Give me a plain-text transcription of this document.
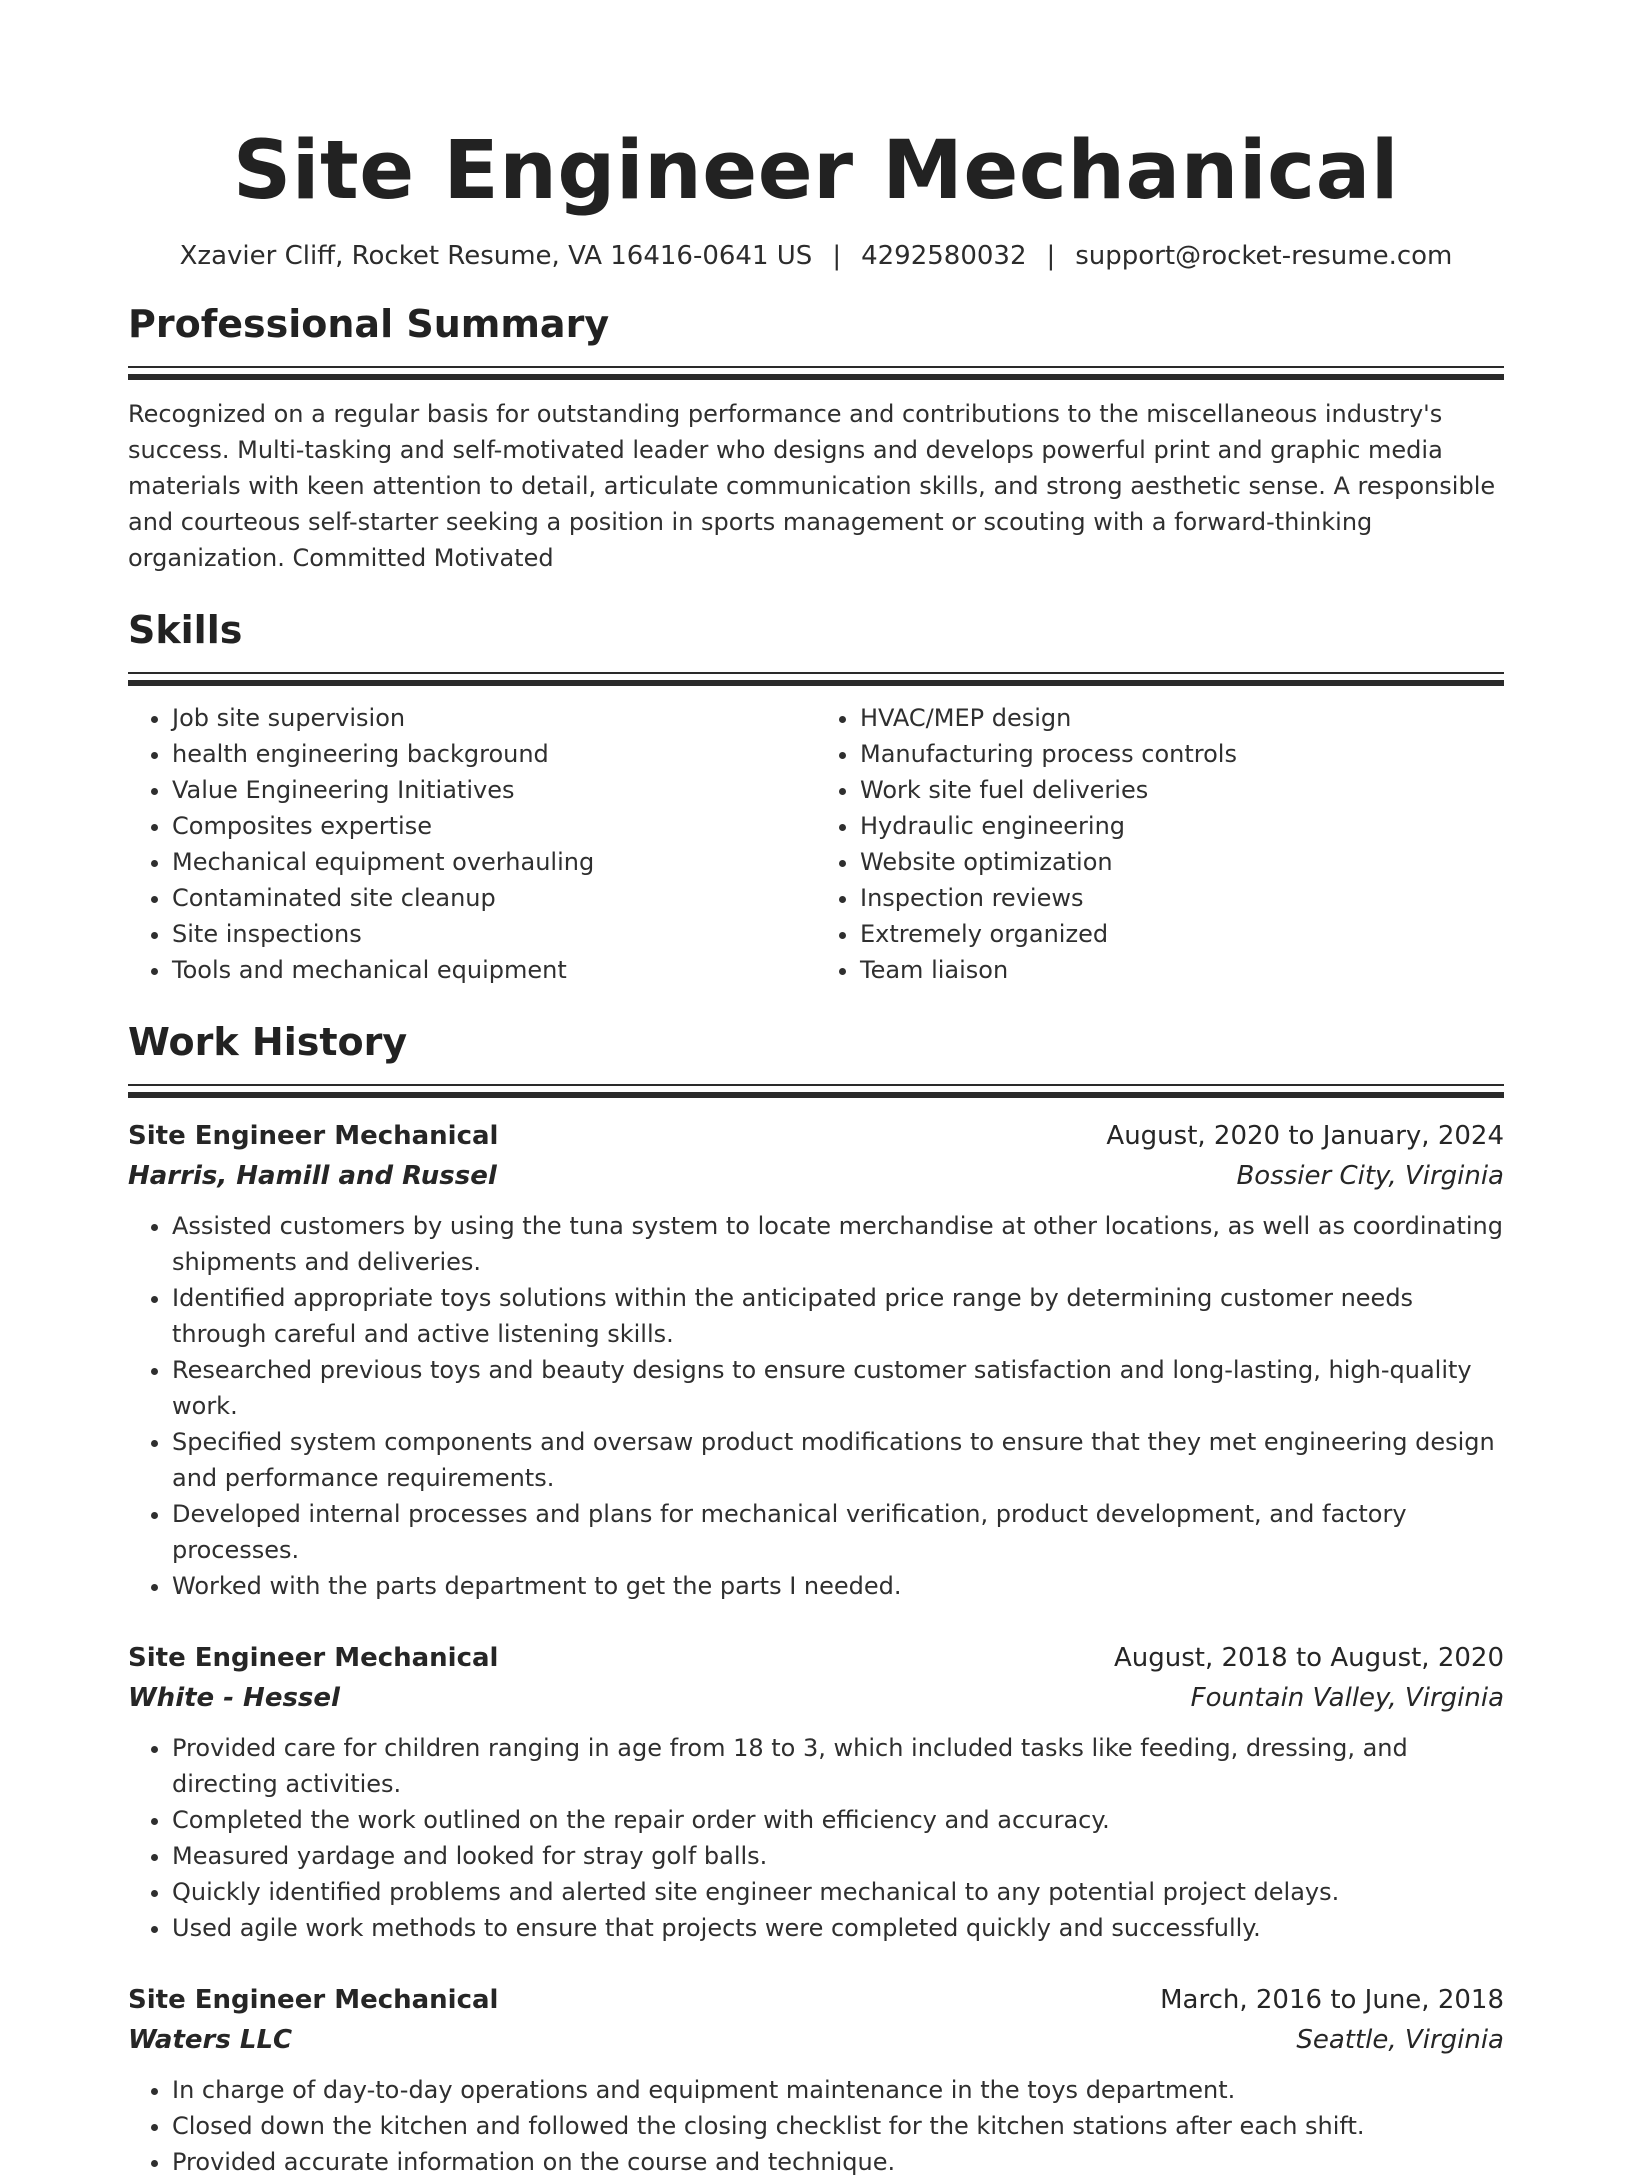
Site Engineer Mechanical
Xzavier Cliff, Rocket Resume, VA 16416-0641 US | 4292580032 | support@rocket-resume.com
Professional Summary

Recognized on a regular basis for outstanding performance and contributions to the miscellaneous industry's success. Multi-tasking and self-motivated leader who designs and develops powerful print and graphic media materials with keen attention to detail, articulate communication skills, and strong aesthetic sense. A responsible and courteous self-starter seeking a position in sports management or scouting with a forward-thinking organization. Committed Motivated

Skills
• Job site supervision
• health engineering background
• Value Engineering Initiatives
• Composites expertise
• Mechanical equipment overhauling
• Contaminated site cleanup
• Site inspections
• Tools and mechanical equipment
• HVAC/MEP design
• Manufacturing process controls
• Work site fuel deliveries
• Hydraulic engineering
• Website optimization
• Inspection reviews
• Extremely organized
• Team liaison
Work History
Site Engineer Mechanical	August, 2020 to January, 2024
Harris, Hamill and Russel	Bossier City, Virginia
• Assisted customers by using the tuna system to locate merchandise at other locations, as well as coordinating shipments and deliveries.
• Identified appropriate toys solutions within the anticipated price range by determining customer needs through careful and active listening skills.
• Researched previous toys and beauty designs to ensure customer satisfaction and long-lasting, high-quality work.
• Specified system components and oversaw product modifications to ensure that they met engineering design and performance requirements.
• Developed internal processes and plans for mechanical verification, product development, and factory processes.
• Worked with the parts department to get the parts I needed.
Site Engineer Mechanical	August, 2018 to August, 2020
White - Hessel	Fountain Valley, Virginia
• Provided care for children ranging in age from 18 to 3, which included tasks like feeding, dressing, and directing activities.
• Completed the work outlined on the repair order with efficiency and accuracy.
• Measured yardage and looked for stray golf balls.
• Quickly identified problems and alerted site engineer mechanical to any potential project delays.
• Used agile work methods to ensure that projects were completed quickly and successfully.
Site Engineer Mechanical	March, 2016 to June, 2018
Waters LLC	Seattle, Virginia
• In charge of day-to-day operations and equipment maintenance in the toys department.
• Closed down the kitchen and followed the closing checklist for the kitchen stations after each shift.
• Provided accurate information on the course and technique.
